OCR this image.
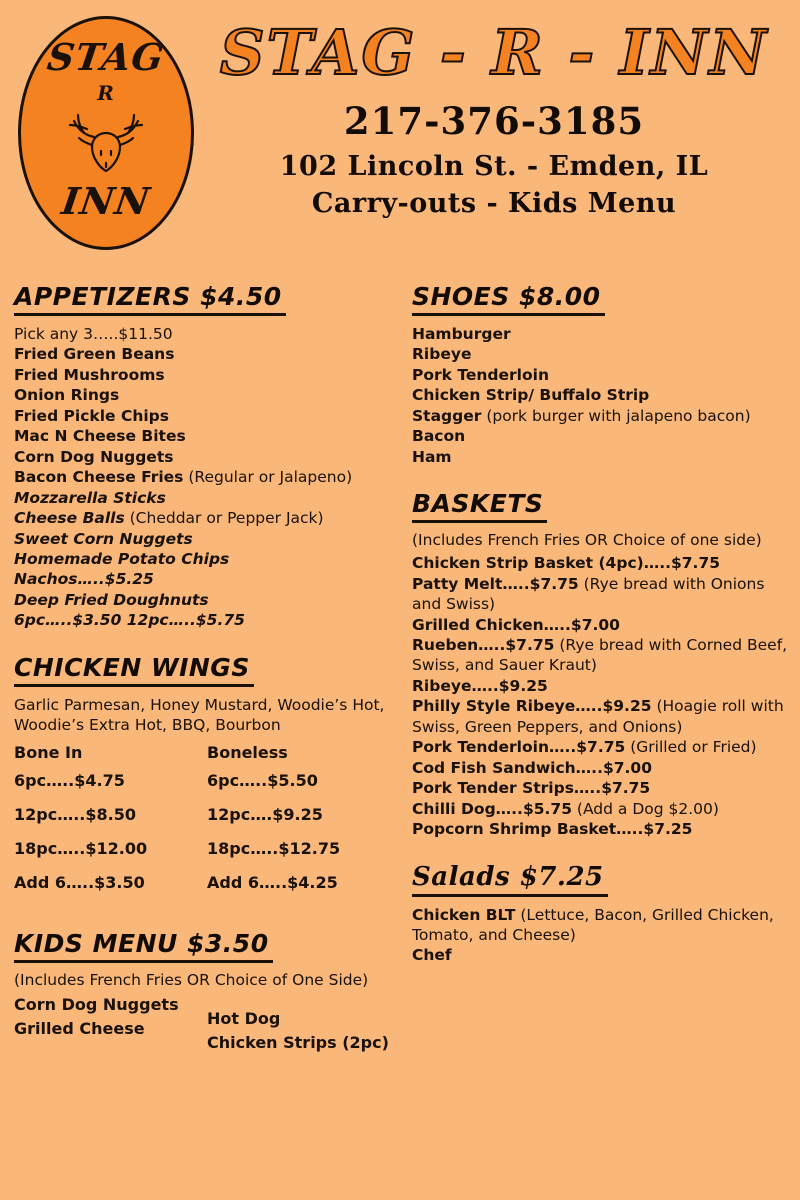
STAG
R
INN
STAG - R - INN
217-376-3185
102 Lincoln St. - Emden, IL
Carry-outs - Kids Menu
APPETIZERS $4.50
Pick any 3…..$11.50
Fried Green Beans
Fried Mushrooms
Onion Rings
Fried Pickle Chips
Mac N Cheese Bites
Corn Dog Nuggets
Bacon Cheese Fries (Regular or Jalapeno)
Mozzarella Sticks
Cheese Balls (Cheddar or Pepper Jack)
Sweet Corn Nuggets
Homemade Potato Chips
Nachos…..$5.25
Deep Fried Doughnuts
6pc…..$3.50 12pc…..$5.75
CHICKEN WINGS
Garlic Parmesan, Honey Mustard, Woodie’s Hot, Woodie’s Extra Hot, BBQ, Bourbon
Bone In
6pc…..$4.75
12pc…..$8.50
18pc…..$12.00
Add 6…..$3.50
Boneless
6pc…..$5.50
12pc….$9.25
18pc…..$12.75
Add 6…..$4.25
KIDS MENU $3.50
(Includes French Fries OR Choice of One Side)
Corn Dog Nuggets
Grilled Cheese
Hot Dog
Chicken Strips (2pc)
SHOES $8.00
Hamburger
Ribeye
Pork Tenderloin
Chicken Strip/ Buffalo Strip
Stagger (pork burger with jalapeno bacon)
Bacon
Ham
BASKETS
(Includes French Fries OR Choice of one side)
Chicken Strip Basket (4pc)…..$7.75
Patty Melt…..$7.75 (Rye bread with Onions and Swiss)
Grilled Chicken…..$7.00
Rueben…..$7.75 (Rye bread with Corned Beef, Swiss, and Sauer Kraut)
Ribeye…..$9.25
Philly Style Ribeye…..$9.25 (Hoagie roll with Swiss, Green Peppers, and Onions)
Pork Tenderloin…..$7.75 (Grilled or Fried)
Cod Fish Sandwich…..$7.00
Pork Tender Strips…..$7.75
Chilli Dog…..$5.75 (Add a Dog $2.00)
Popcorn Shrimp Basket…..$7.25
Salads $7.25
Chicken BLT (Lettuce, Bacon, Grilled Chicken, Tomato, and Cheese)
Chef
